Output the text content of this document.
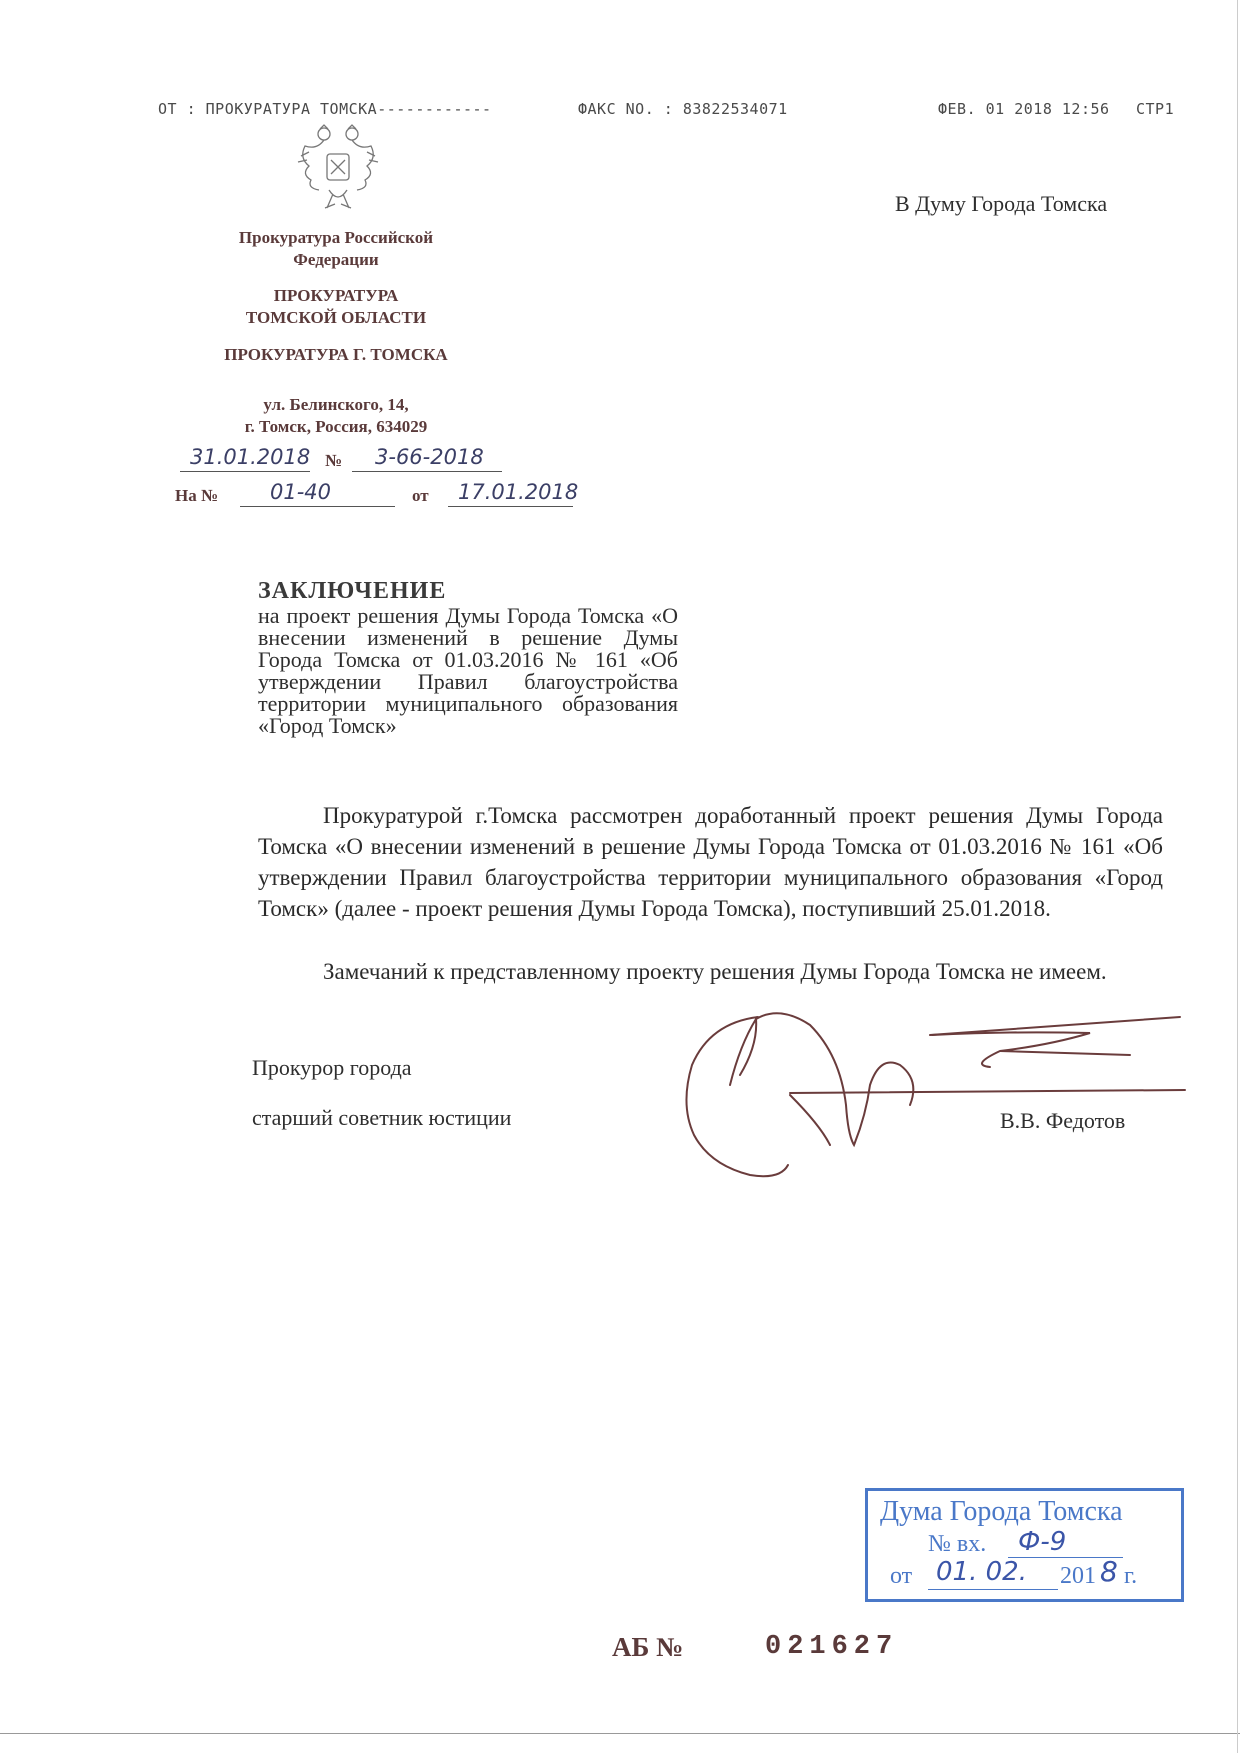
ОТ : ПРОКУРАТУРА ТОМСКА------------	ФАКС NO. : 83822534071	ФЕВ. 01 2018 12:56 СТР1
В Думу Города Томска
Прокуратура Российской
Федерации
ПРОКУРАТУРА
ТОМСКОЙ ОБЛАСТИ
ПРОКУРАТУРА Г. ТОМСКА
ул. Белинского, 14,
г. Томск, Россия, 634029
31.01.2018 № 3-66-2018
На № 01-40	от 17.01.2018
ЗАКЛЮЧЕНИЕ
на проект решения Думы Города Томска «О внесении изменений в решение Думы Города Томска от 01.03.2016 № 161 «Об утверждении Правил благоустройства территории муниципального образования «Город Томск»
Прокуратурой г.Томска рассмотрен доработанный проект решения Думы Города Томска «О внесении изменений в решение Думы Города Томска от 01.03.2016 № 161 «Об утверждении Правил благоустройства территории муниципального образования «Город Томск» (далее - проект решения Думы Города Томска), поступивший 25.01.2018.
Замечаний к представленному проекту решения Думы Города Томска не имеем.
Прокурор города
старший советник юстиции	В.В. Федотов
Дума Города Томска
№ вх. Ф-9
от 01. 02. 201 8 г.
АБ №	021627
